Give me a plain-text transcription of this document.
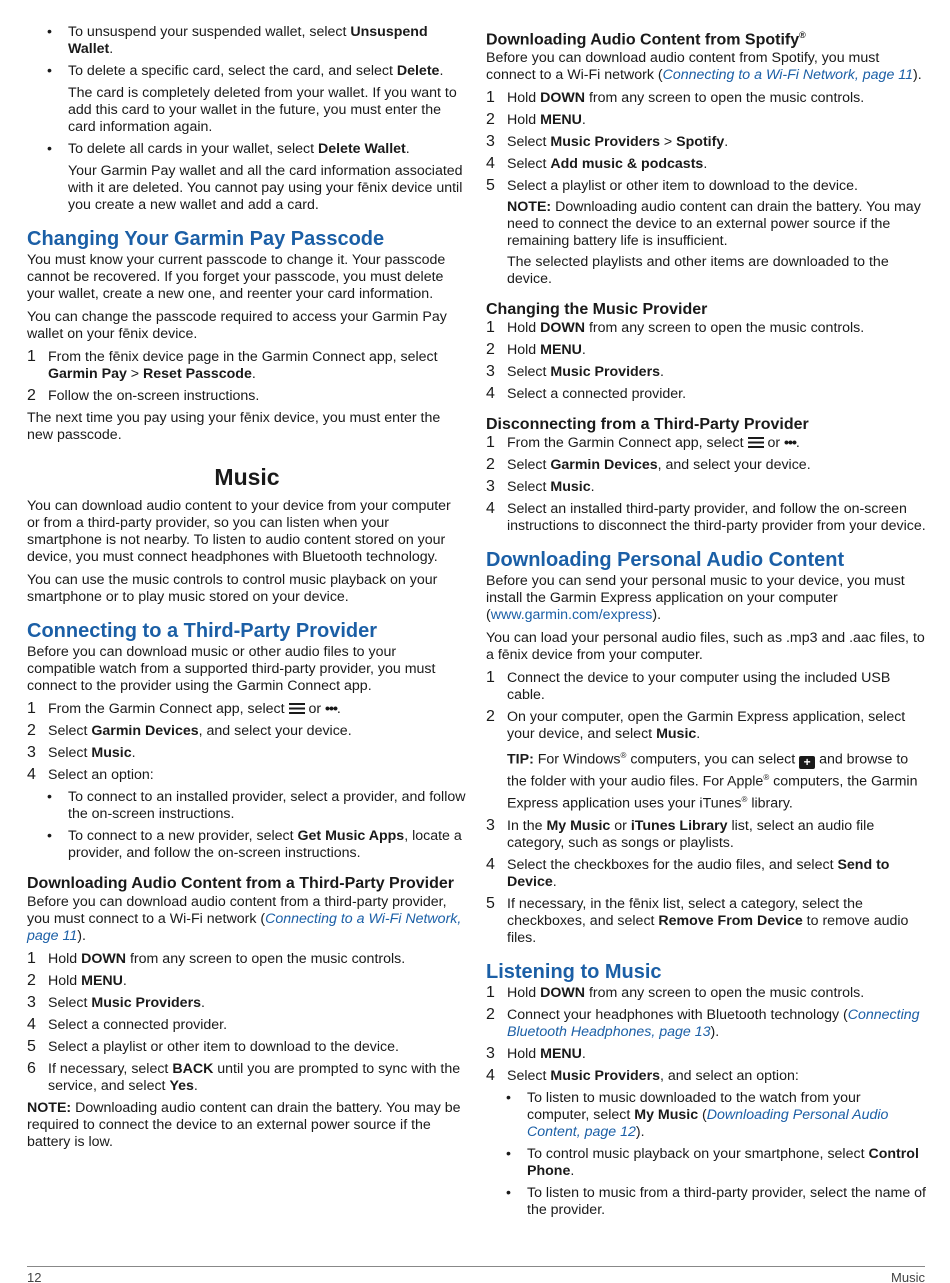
• To unsuspend your suspended wallet, select Unsuspend Wallet.
• To delete a specific card, select the card, and select Delete.
The card is completely deleted from your wallet. If you want to add this card to your wallet in the future, you must enter the card information again.
• To delete all cards in your wallet, select Delete Wallet.
Your Garmin Pay wallet and all the card information associated with it are deleted. You cannot pay using your fēnix device until you create a new wallet and add a card.
Changing Your Garmin Pay Passcode

You must know your current passcode to change it. Your passcode cannot be recovered. If you forget your passcode, you must delete your wallet, create a new one, and reenter your card information.

You can change the passcode required to access your Garmin Pay wallet on your fēnix device.

1 From the fēnix device page in the Garmin Connect app, select Garmin Pay > Reset Passcode.
2 Follow the on-screen instructions.

The next time you pay using your fēnix device, you must enter the new passcode.

Music

You can download audio content to your device from your computer or from a third-party provider, so you can listen when your smartphone is not nearby. To listen to audio content stored on your device, you must connect headphones with Bluetooth technology.

You can use the music controls to control music playback on your smartphone or to play music stored on your device.

Connecting to a Third-Party Provider

Before you can download music or other audio files to your compatible watch from a supported third-party provider, you must connect to the provider using the Garmin Connect app.

1 From the Garmin Connect app, select  or •••.
2 Select Garmin Devices, and select your device.
3 Select Music.
4 Select an option:
• To connect to an installed provider, select a provider, and follow the on-screen instructions.
• To connect to a new provider, select Get Music Apps, locate a provider, and follow the on-screen instructions.
Downloading Audio Content from a Third-Party Provider

Before you can download audio content from a third-party provider, you must connect to a Wi-Fi network (Connecting to a Wi-Fi Network, page 11).

1 Hold DOWN from any screen to open the music controls.
2 Hold MENU.
3 Select Music Providers.
4 Select a connected provider.
5 Select a playlist or other item to download to the device.
6 If necessary, select BACK until you are prompted to sync with the service, and select Yes.

NOTE: Downloading audio content can drain the battery. You may be required to connect the device to an external power source if the battery is low.

Downloading Audio Content from Spotify®

Before you can download audio content from Spotify, you must connect to a Wi-Fi network (Connecting to a Wi-Fi Network, page 11).

1 Hold DOWN from any screen to open the music controls.
2 Hold MENU.
3 Select Music Providers > Spotify.
4 Select Add music & podcasts.
5 Select a playlist or other item to download to the device.
NOTE: Downloading audio content can drain the battery. You may need to connect the device to an external power source if the remaining battery life is insufficient.
The selected playlists and other items are downloaded to the device.
Changing the Music Provider
1 Hold DOWN from any screen to open the music controls.
2 Hold MENU.
3 Select Music Providers.
4 Select a connected provider.
Disconnecting from a Third-Party Provider
1 From the Garmin Connect app, select  or •••.
2 Select Garmin Devices, and select your device.
3 Select Music.
4 Select an installed third-party provider, and follow the on-screen instructions to disconnect the third-party provider from your device.
Downloading Personal Audio Content

Before you can send your personal music to your device, you must install the Garmin Express application on your computer (www.garmin.com/express).

You can load your personal audio files, such as .mp3 and .aac files, to a fēnix device from your computer.

1 Connect the device to your computer using the included USB cable.
2 On your computer, open the Garmin Express application, select your device, and select Music.
TIP: For Windows® computers, you can select + and browse to the folder with your audio files. For Apple® computers, the Garmin Express application uses your iTunes® library.
3 In the My Music or iTunes Library list, select an audio file category, such as songs or playlists.
4 Select the checkboxes for the audio files, and select Send to Device.
5 If necessary, in the fēnix list, select a category, select the checkboxes, and select Remove From Device to remove audio files.
Listening to Music
1 Hold DOWN from any screen to open the music controls.
2 Connect your headphones with Bluetooth technology (Connecting Bluetooth Headphones, page 13).
3 Hold MENU.
4 Select Music Providers, and select an option:
• To listen to music downloaded to the watch from your computer, select My Music (Downloading Personal Audio Content, page 12).
• To control music playback on your smartphone, select Control Phone.
• To listen to music from a third-party provider, select the name of the provider.
12	Music
